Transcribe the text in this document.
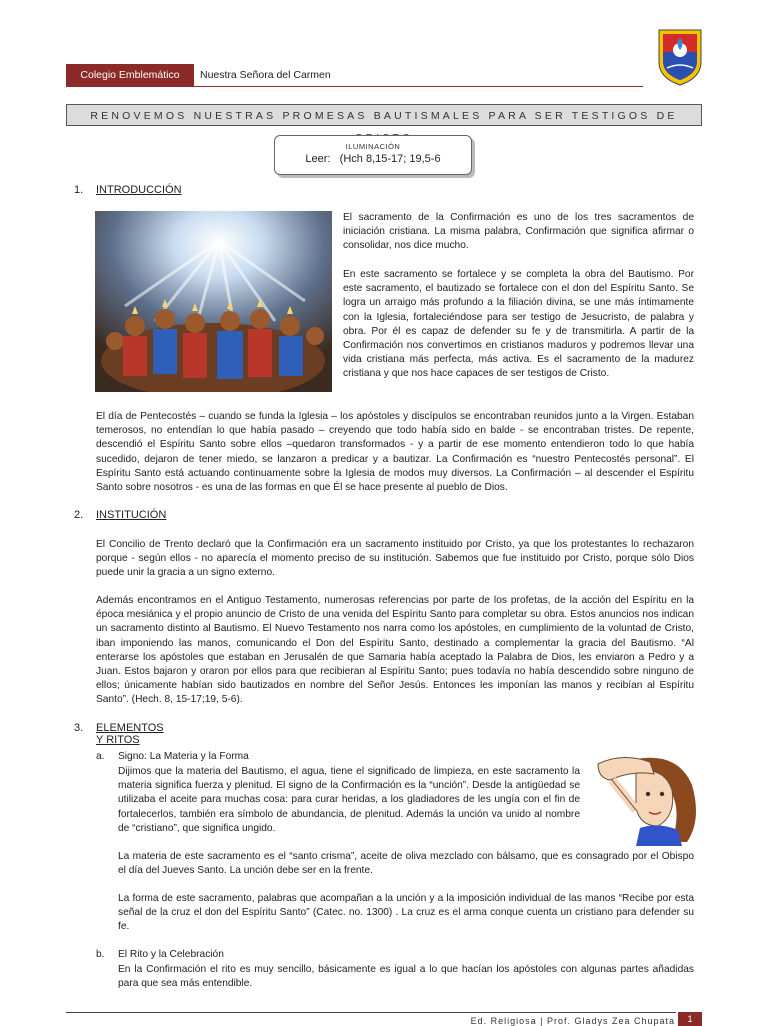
Colegio Emblemático	Nuestra Señora del Carmen
RENOVEMOS NUESTRAS PROMESAS BAUTISMALES PARA SER TESTIGOS DE
ILUMINACIÓN
Leer: (Hch 8,15-17; 19,5-6
1. INTRODUCCIÓN
El sacramento de la Confirmación es uno de los tres sacramentos de iniciación cristiana. La misma palabra, Confirmación que significa afirmar o consolidar, nos dice mucho.
En este sacramento se fortalece y se completa la obra del Bautismo. Por este sacramento, el bautizado se fortalece con el don del Espíritu Santo. Se logra un arraigo más profundo a la filiación divina, se une más íntimamente con la Iglesia, fortaleciéndose para ser testigo de Jesucristo, de palabra y obra. Por él es capaz de defender su fe y de transmitirla. A partir de la Confirmación nos convertimos en cristianos maduros y podremos llevar una vida cristiana más perfecta, más activa. Es el sacramento de la madurez cristiana y que nos hace capaces de ser testigos de Cristo.
El día de Pentecostés – cuando se funda la Iglesia – los apóstoles y discípulos se encontraban reunidos junto a la Virgen. Estaban temerosos, no entendían lo que había pasado – creyendo que todo había sido en balde - se encontraban tristes. De repente, descendió el Espíritu Santo sobre ellos –quedaron transformados - y a partir de ese momento entendieron todo lo que había sucedido, dejaron de tener miedo, se lanzaron a predicar y a bautizar. La Confirmación es “nuestro Pentecostés personal”. El Espíritu Santo está actuando continuamente sobre la Iglesia de modos muy diversos. La Confirmación – al descender el Espíritu Santo sobre nosotros - es una de las formas en que Él se hace presente al pueblo de Dios.
2. INSTITUCIÓN
El Concilio de Trento declaró que la Confirmación era un sacramento instituido por Cristo, ya que los protestantes lo rechazaron porque - según ellos - no aparecía el momento preciso de su institución. Sabemos que fue instituido por Cristo, porque sólo Dios puede unir la gracia a un signo externo.
Además encontramos en el Antiguo Testamento, numerosas referencias por parte de los profetas, de la acción del Espíritu en la época mesiánica y el propio anuncio de Cristo de una venida del Espíritu Santo para completar su obra. Estos anuncios nos indican un sacramento distinto al Bautismo. El Nuevo Testamento nos narra como los apóstoles, en cumplimiento de la voluntad de Cristo, iban imponiendo las manos, comunicando el Don del Espíritu Santo, destinado a complementar la gracia del Bautismo. “Al enterarse los apóstoles que estaban en Jerusalén de que Samaria había aceptado la Palabra de Dios, les enviaron a Pedro y a Juan. Estos bajaron y oraron por ellos para que recibieran al Espíritu Santo; pues todavía no había descendido sobre ninguno de ellos; únicamente habían sido bautizados en nombre del Señor Jesús. Entonces les imponían las manos y recibían al Espíritu Santo”. (Hech. 8, 15-17;19, 5-6).
3. ELEMENTOS Y RITOS
a.	Signo: La Materia y la Forma
Dijimos que la materia del Bautismo, el agua, tiene el significado de limpieza, en este sacramento la materia significa fuerza y plenitud. El signo de la Confirmación es la “unción”. Desde la antigüedad se utilizaba el aceite para muchas cosa: para curar heridas, a los gladiadores de les ungía con el fin de fortalecerlos, también era símbolo de abundancia, de plenitud. Además la unción va unido al nombre de “cristiano”, que significa ungido.
La materia de este sacramento es el “santo crisma”, aceite de oliva mezclado con bálsamo, que es consagrado por el Obispo el día del Jueves Santo. La unción debe ser en la frente.
La forma de este sacramento, palabras que acompañan a la unción y a la imposición individual de las manos “Recibe por esta señal de la cruz el don del Espíritu Santo” (Catec. no. 1300) . La cruz es el arma conque cuenta un cristiano para defender su fe.
b.	El Rito y la Celebración
En la Confirmación el rito es muy sencillo, básicamente es igual a lo que hacían los apóstoles con algunas partes añadidas para que sea más entendible.
Ed. Religiosa | Prof. Gladys Zea Chupata	1
